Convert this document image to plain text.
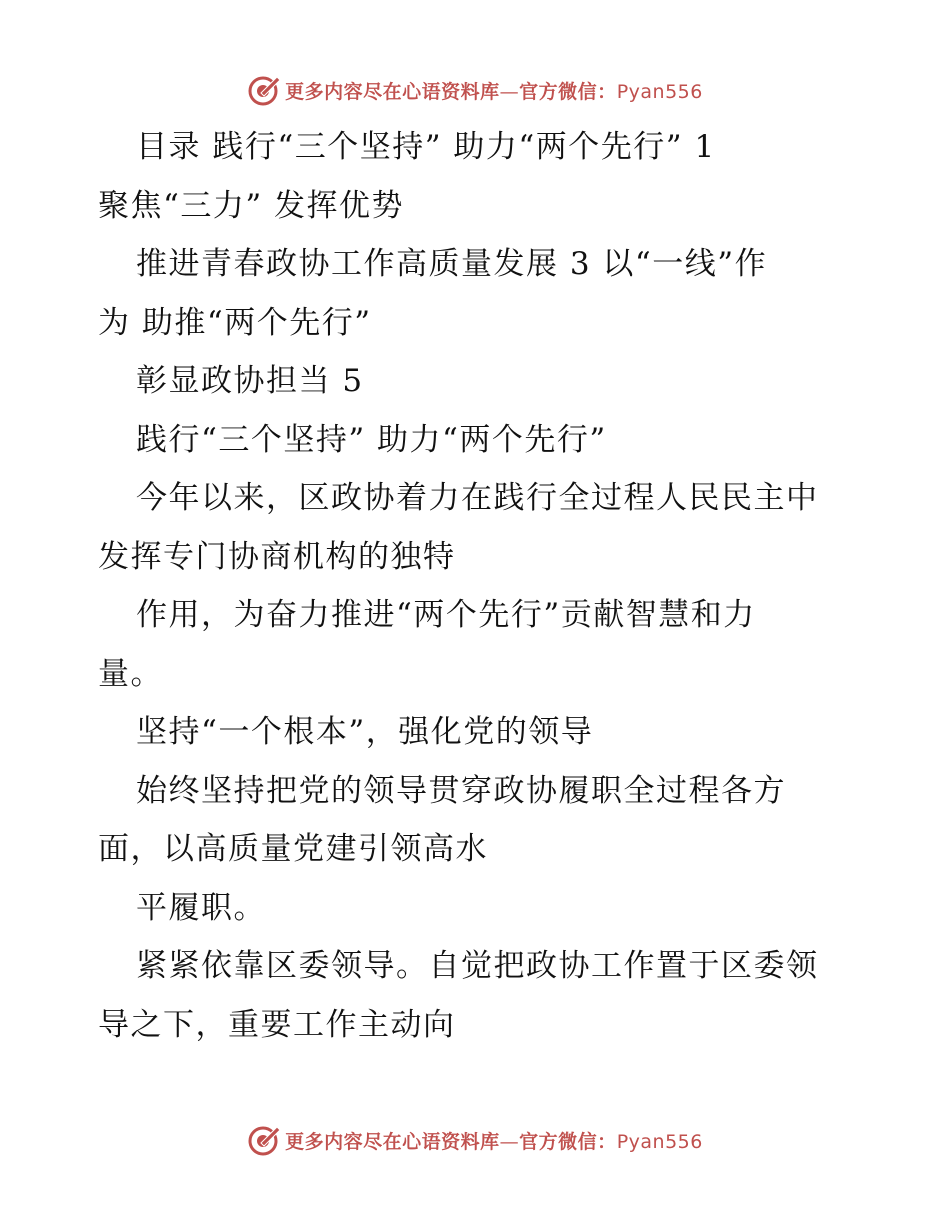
更多内容尽在心语资料库—官方微信：Pyan556
目录 践行“三个坚持” 助力“两个先行” 1
聚焦“三力” 发挥优势
推进青春政协工作高质量发展 3 以“一线”作
为 助推“两个先行”
彰显政协担当 5
践行“三个坚持” 助力“两个先行”
今年以来，区政协着力在践行全过程人民民主中
发挥专门协商机构的独特
作用，为奋力推进“两个先行”贡献智慧和力
量。
坚持“一个根本”，强化党的领导
始终坚持把党的领导贯穿政协履职全过程各方
面，以高质量党建引领高水
平履职。
紧紧依靠区委领导。自觉把政协工作置于区委领
导之下，重要工作主动向
更多内容尽在心语资料库—官方微信：Pyan556
